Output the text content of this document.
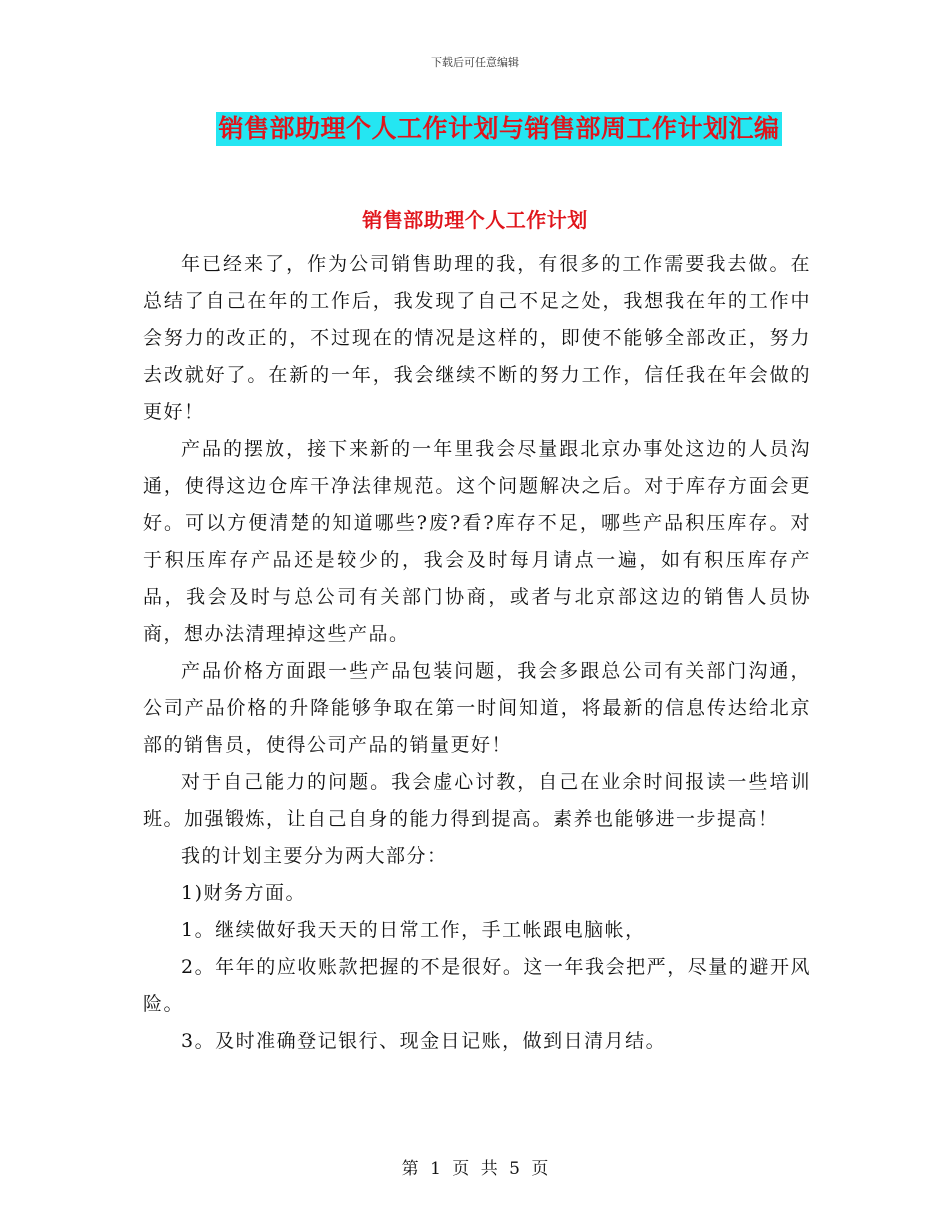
下载后可任意编辑
销售部助理个人工作计划与销售部周工作计划汇编
销售部助理个人工作计划

年已经来了，作为公司销售助理的我，有很多的工作需要我去做。在总结了自己在年的工作后，我发现了自己不足之处，我想我在年的工作中会努力的改正的，不过现在的情况是这样的，即使不能够全部改正，努力去改就好了。在新的一年，我会继续不断的努力工作，信任我在年会做的更好！

产品的摆放，接下来新的一年里我会尽量跟北京办事处这边的人员沟通，使得这边仓库干净法律规范。这个问题解决之后。对于库存方面会更好。可以方便清楚的知道哪些?废?看?库存不足，哪些产品积压库存。对于积压库存产品还是较少的，我会及时每月请点一遍，如有积压库存产品，我会及时与总公司有关部门协商，或者与北京部这边的销售人员协商，想办法清理掉这些产品。

产品价格方面跟一些产品包装问题，我会多跟总公司有关部门沟通，公司产品价格的升降能够争取在第一时间知道，将最新的信息传达给北京部的销售员，使得公司产品的销量更好！

对于自己能力的问题。我会虚心讨教，自己在业余时间报读一些培训班。加强锻炼，让自己自身的能力得到提高。素养也能够进一步提高！

我的计划主要分为两大部分：

1)财务方面。

1。继续做好我天天的日常工作，手工帐跟电脑帐，

2。年年的应收账款把握的不是很好。这一年我会把严，尽量的避开风险。

3。及时准确登记银行、现金日记账，做到日清月结。

第 1 页 共 5 页
